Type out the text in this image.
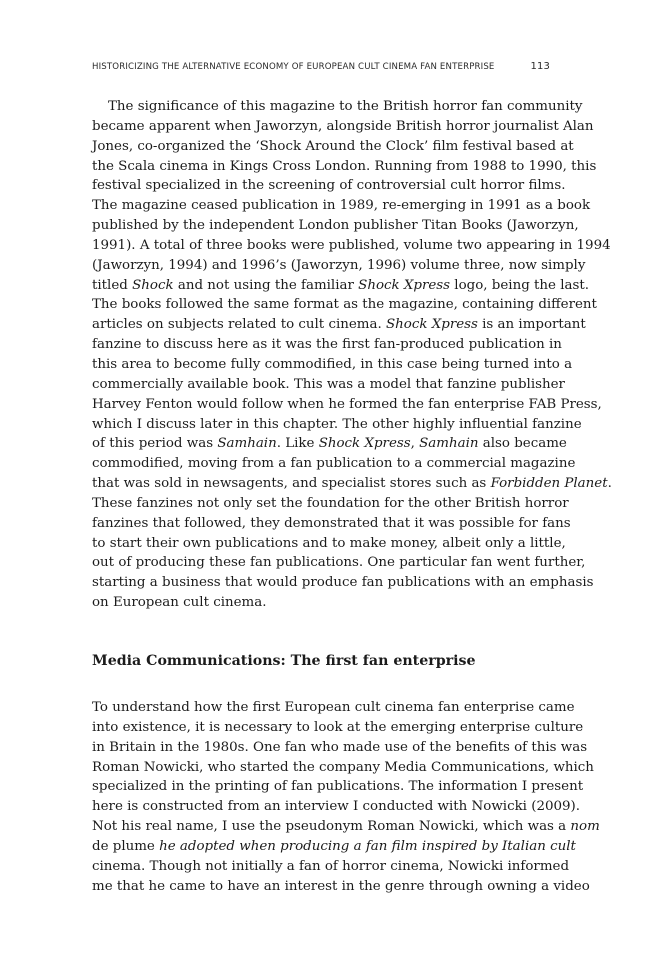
HISTORICIZING THE ALTERNATIVE ECONOMY OF EUROPEAN CULT CINEMA FAN ENTERPRISE	113
The significance of this magazine to the British horror fan community
became apparent when Jaworzyn, alongside British horror journalist Alan
Jones, co-organized the ‘Shock Around the Clock’ film festival based at
the Scala cinema in Kings Cross London. Running from 1988 to 1990, this
festival specialized in the screening of controversial cult horror films.
The magazine ceased publication in 1989, re-emerging in 1991 as a book
published by the independent London publisher Titan Books (Jaworzyn,
1991). A total of three books were published, volume two appearing in 1994
(Jaworzyn, 1994) and 1996’s (Jaworzyn, 1996) volume three, now simply
titled Shock and not using the familiar Shock Xpress logo, being the last.
The books followed the same format as the magazine, containing different
articles on subjects related to cult cinema. Shock Xpress is an important
fanzine to discuss here as it was the first fan-produced publication in
this area to become fully commodified, in this case being turned into a
commercially available book. This was a model that fanzine publisher
Harvey Fenton would follow when he formed the fan enterprise FAB Press,
which I discuss later in this chapter. The other highly influential fanzine
of this period was Samhain. Like Shock Xpress, Samhain also became
commodified, moving from a fan publication to a commercial magazine
that was sold in newsagents, and specialist stores such as Forbidden Planet.
These fanzines not only set the foundation for the other British horror
fanzines that followed, they demonstrated that it was possible for fans
to start their own publications and to make money, albeit only a little,
out of producing these fan publications. One particular fan went further,
starting a business that would produce fan publications with an emphasis
on European cult cinema.
Media Communications: The first fan enterprise
To understand how the first European cult cinema fan enterprise came
into existence, it is necessary to look at the emerging enterprise culture
in Britain in the 1980s. One fan who made use of the benefits of this was
Roman Nowicki, who started the company Media Communications, which
specialized in the printing of fan publications. The information I present
here is constructed from an interview I conducted with Nowicki (2009).
Not his real name, I use the pseudonym Roman Nowicki, which was a nom
de plume he adopted when producing a fan film inspired by Italian cult
cinema. Though not initially a fan of horror cinema, Nowicki informed
me that he came to have an interest in the genre through owning a video
